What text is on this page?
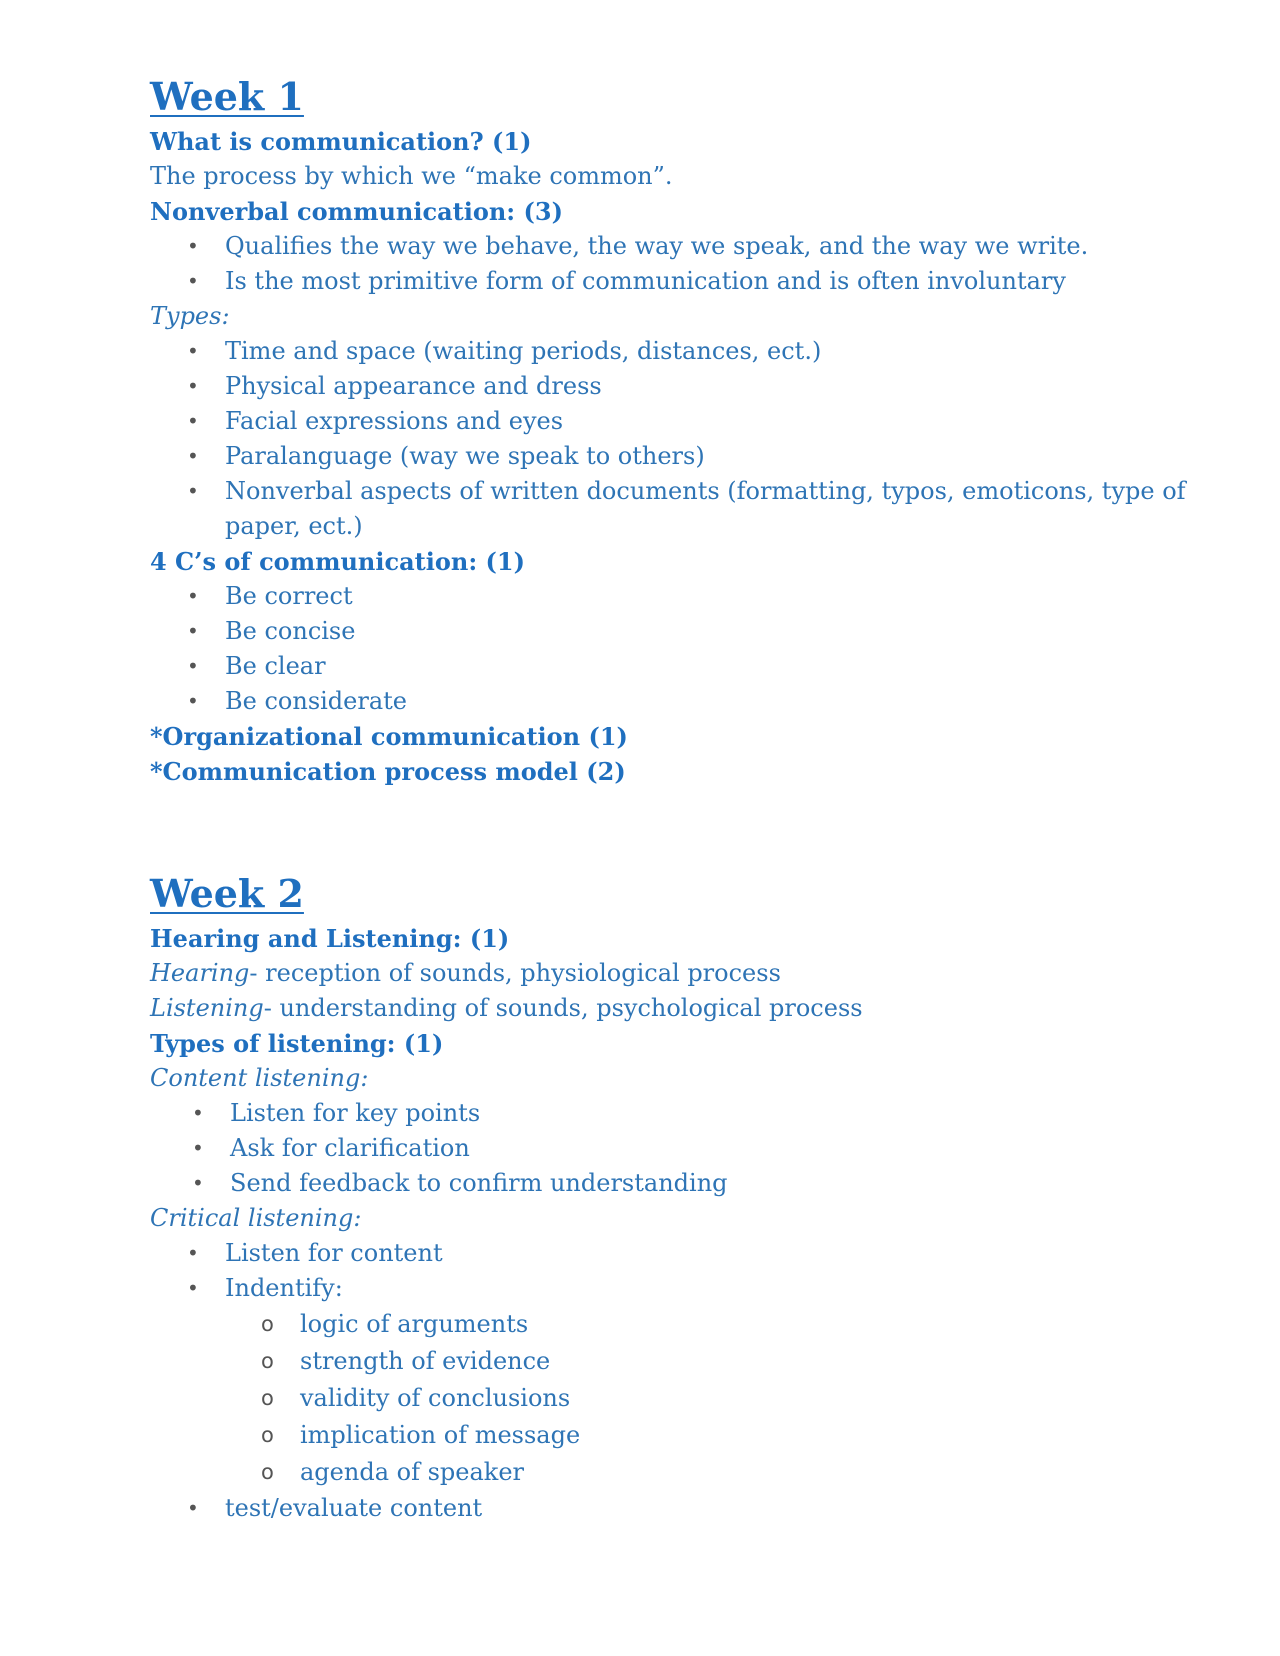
Week 1
What is communication? (1)
The process by which we “make common”.
Nonverbal communication: (3)
• Qualifies the way we behave, the way we speak, and the way we write.
• Is the most primitive form of communication and is often involuntary
Types:
• Time and space (waiting periods, distances, ect.)
• Physical appearance and dress
• Facial expressions and eyes
• Paralanguage (way we speak to others)
• Nonverbal aspects of written documents (formatting, typos, emoticons, type of paper, ect.)
4 C’s of communication: (1)
• Be correct
• Be concise
• Be clear
• Be considerate
*Organizational communication (1)
*Communication process model (2)
Week 2
Hearing and Listening: (1)
Hearing- reception of sounds, physiological process
Listening- understanding of sounds, psychological process
Types of listening: (1)
Content listening:
• Listen for key points
• Ask for clarification
• Send feedback to confirm understanding
Critical listening:
• Listen for content
• Indentify:
o logic of arguments
o strength of evidence
o validity of conclusions
o implication of message
o agenda of speaker
• test/evaluate content
